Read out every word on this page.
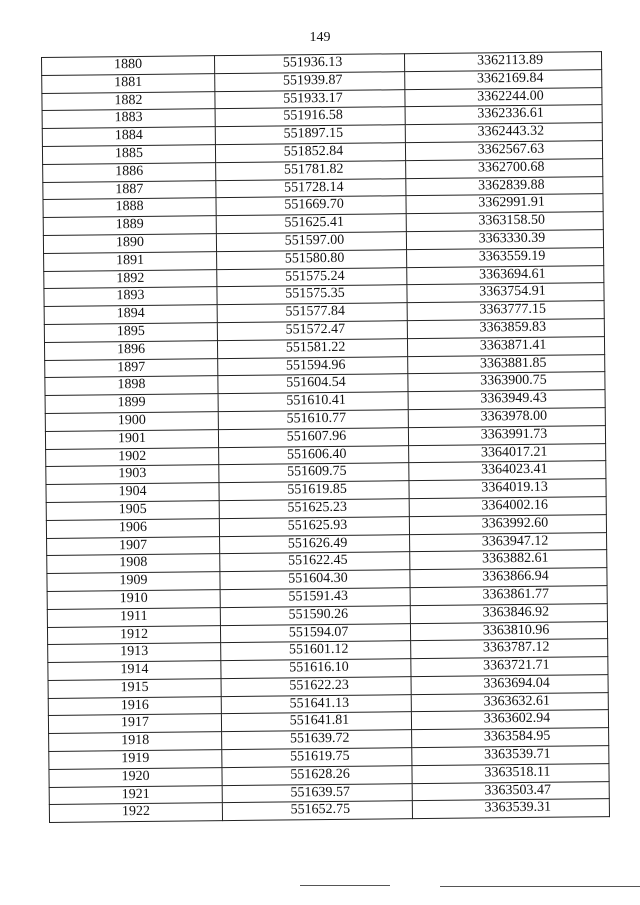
149
1880	551936.13	3362113.89
1881	551939.87	3362169.84
1882	551933.17	3362244.00
1883	551916.58	3362336.61
1884	551897.15	3362443.32
1885	551852.84	3362567.63
1886	551781.82	3362700.68
1887	551728.14	3362839.88
1888	551669.70	3362991.91
1889	551625.41	3363158.50
1890	551597.00	3363330.39
1891	551580.80	3363559.19
1892	551575.24	3363694.61
1893	551575.35	3363754.91
1894	551577.84	3363777.15
1895	551572.47	3363859.83
1896	551581.22	3363871.41
1897	551594.96	3363881.85
1898	551604.54	3363900.75
1899	551610.41	3363949.43
1900	551610.77	3363978.00
1901	551607.96	3363991.73
1902	551606.40	3364017.21
1903	551609.75	3364023.41
1904	551619.85	3364019.13
1905	551625.23	3364002.16
1906	551625.93	3363992.60
1907	551626.49	3363947.12
1908	551622.45	3363882.61
1909	551604.30	3363866.94
1910	551591.43	3363861.77
1911	551590.26	3363846.92
1912	551594.07	3363810.96
1913	551601.12	3363787.12
1914	551616.10	3363721.71
1915	551622.23	3363694.04
1916	551641.13	3363632.61
1917	551641.81	3363602.94
1918	551639.72	3363584.95
1919	551619.75	3363539.71
1920	551628.26	3363518.11
1921	551639.57	3363503.47
1922	551652.75	3363539.31
